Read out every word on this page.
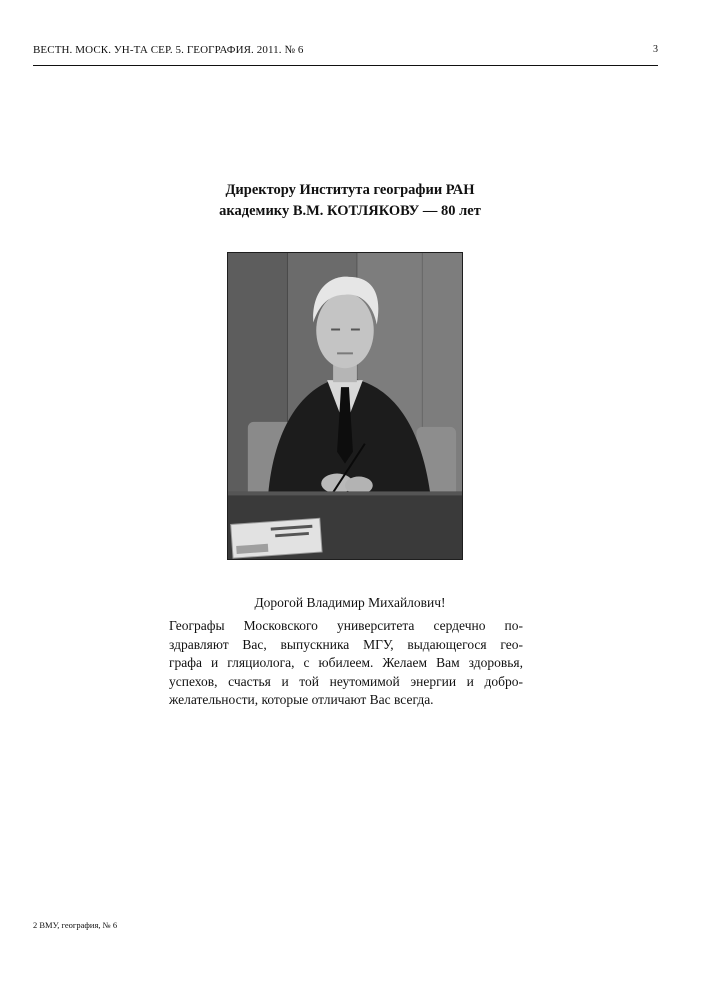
ВЕСТН. МОСК. УН-ТА СЕР. 5. ГЕОГРАФИЯ. 2011. № 6	3
Директору Института географии РАН
академику В.М. КОТЛЯКОВУ — 80 лет
Дорогой Владимир Михайлович!
Географы Московского университета сердечно по-
здравляют Вас, выпускника МГУ, выдающегося гео-
графа и гляциолога, с юбилеем. Желаем Вам здоровья,
успехов, счастья и той неутомимой энергии и добро-
желательности, которые отличают Вас всегда.
2 ВМУ, география, № 6
